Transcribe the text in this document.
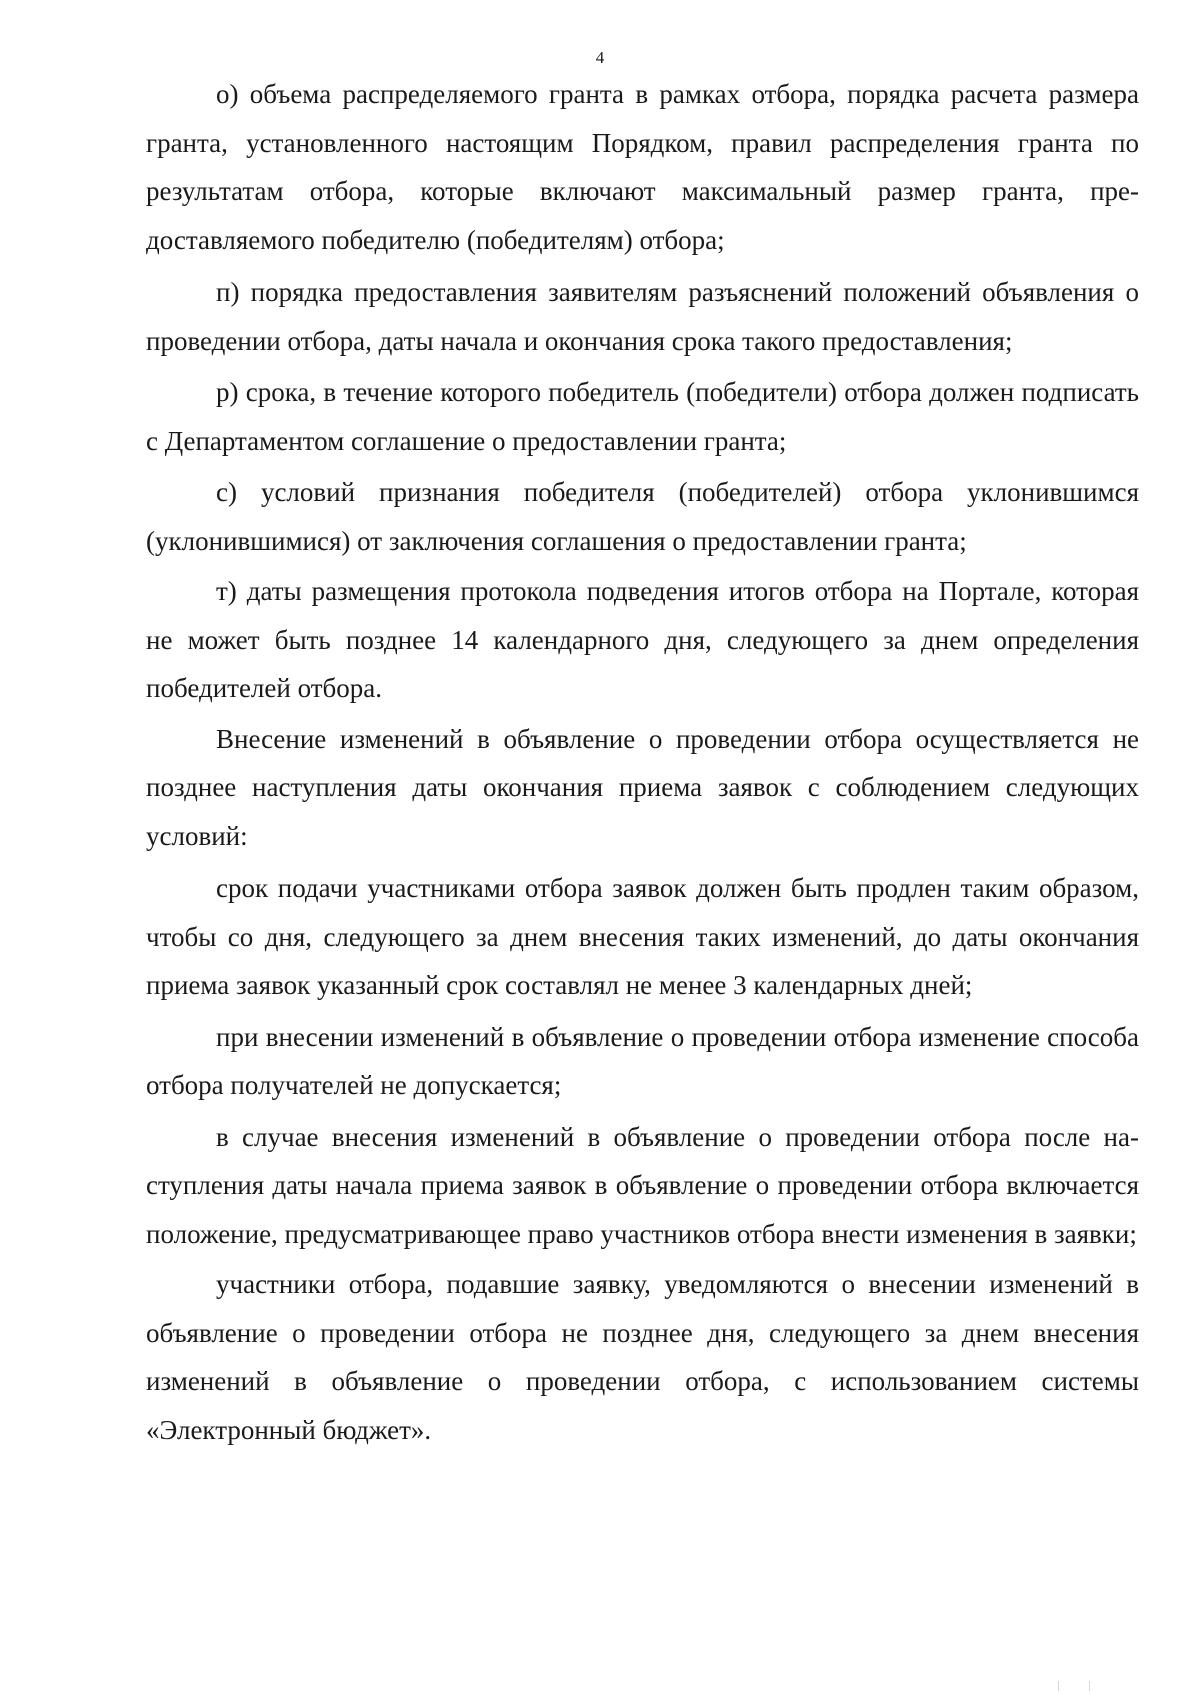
4

о) объема распределяемого гранта в рамках отбора, порядка расчета размера гранта, установленного настоящим Порядком, правил распределения гранта по результатам отбора, которые включают максимальный размер гранта, предоставляемого победителю (победителям) отбора;

п) порядка предоставления заявителям разъяснений положений объявления о проведении отбора, даты начала и окончания срока такого предоставления;

р) срока, в течение которого победитель (победители) отбора должен подписать с Департаментом соглашение о предоставлении гранта;

с) условий признания победителя (победителей) отбора уклонившимся (уклонившимися) от заключения соглашения о предоставлении гранта;

т) даты размещения протокола подведения итогов отбора на Портале, которая не может быть позднее 14 календарного дня, следующего за днем определения победителей отбора.

Внесение изменений в объявление о проведении отбора осуществляется не позднее наступления даты окончания приема заявок с соблюдением следующих условий:

срок подачи участниками отбора заявок должен быть продлен таким образом, чтобы со дня, следующего за днем внесения таких изменений, до даты окончания приема заявок указанный срок составлял не менее 3 календарных дней;

при внесении изменений в объявление о проведении отбора изменение способа отбора получателей не допускается;

в случае внесения изменений в объявление о проведении отбора после наступления даты начала приема заявок в объявление о проведении отбора включается положение, предусматривающее право участников отбора внести изменения в заявки;

участники отбора, подавшие заявку, уведомляются о внесении изменений в объявление о проведении отбора не позднее дня, следующего за днем внесения изменений в объявление о проведении отбора, с использованием системы «Электронный бюджет».
